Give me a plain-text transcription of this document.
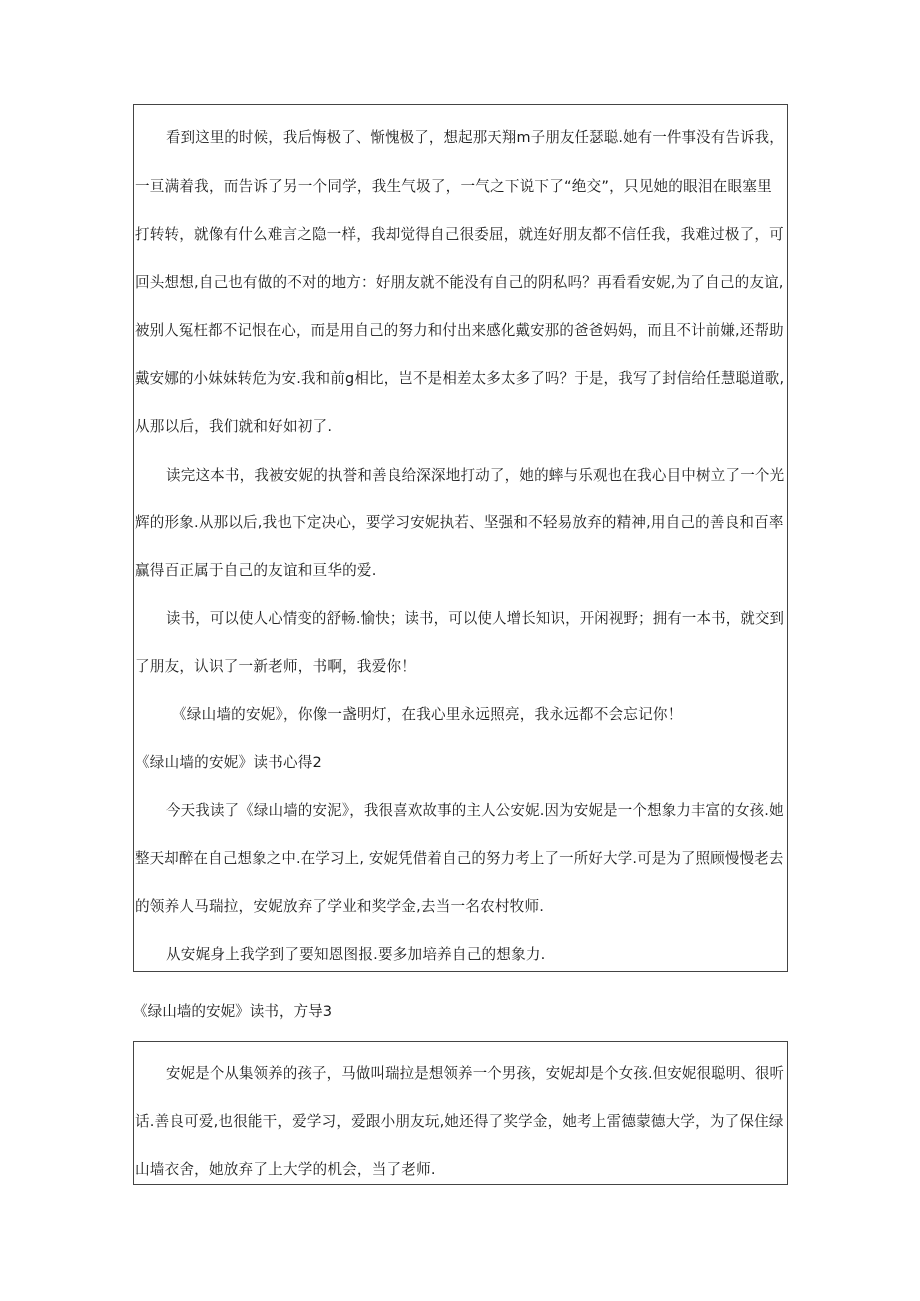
看到这里的时候，我后悔极了、惭愧极了，想起那天翔m子朋友任瑟聪.她有一件事没有告诉我，
一亘满着我，而告诉了另一个同学，我生气圾了，一气之下说下了“绝交”，只见她的眼泪在眼塞里
打转转，就像有什么难言之隐一样，我却觉得自己很委屈，就连好朋友都不信任我，我难过极了，可
回头想想,自己也有做的不对的地方：好朋友就不能没有自己的阴私吗？再看看安妮,为了自己的友谊,
被别人冤枉都不记恨在心，而是用自己的努力和付出来感化戴安那的爸爸妈妈，而且不计前嫌,还帮助
戴安娜的小妹妹转危为安.我和前g相比，岂不是相差太多太多了吗？于是，我写了封信给任慧聪道歌,
从那以后，我们就和好如初了.
读完这本书，我被安妮的执誉和善良给深深地打动了，她的蟀与乐观也在我心目中树立了一个光
辉的形象.从那以后,我也下定决心，要学习安妮执若、坚强和不轻易放弃的精神,用自己的善良和百率
赢得百正属于自己的友谊和亘华的爱.
读书，可以使人心情变的舒畅.愉快；读书，可以使人增长知识，开闲视野；拥有一本书，就交到
了朋友，认识了一新老师，书啊，我爱你！
《绿山墙的安妮》，你像一盏明灯，在我心里永远照亮，我永远都不会忘记你！
《绿山墙的安妮》读书心得2
今天我读了《绿山墙的安泥》，我很喜欢故事的主人公安妮.因为安妮是一个想象力丰富的女孩.她
整天却醉在自己想象之中.在学习上, 安妮凭借着自己的努力考上了一所好大学.可是为了照顾慢慢老去
的领养人马瑞拉，安妮放弃了学业和奖学金,去当一名农村牧师.
从安娓身上我学到了要知恩图报.要多加培养自己的想象力.
《绿山墙的安妮》读书，方导3
安妮是个从集领养的孩子，马做叫瑞拉是想领养一个男孩，安妮却是个女孩.但安妮很聪明、很听
话.善良可爱,也很能干，爱学习，爱跟小朋友玩,她还得了奖学金，她考上雷德蒙德大学，为了保住绿
山墙衣舍，她放弃了上大学的机会，当了老师.
